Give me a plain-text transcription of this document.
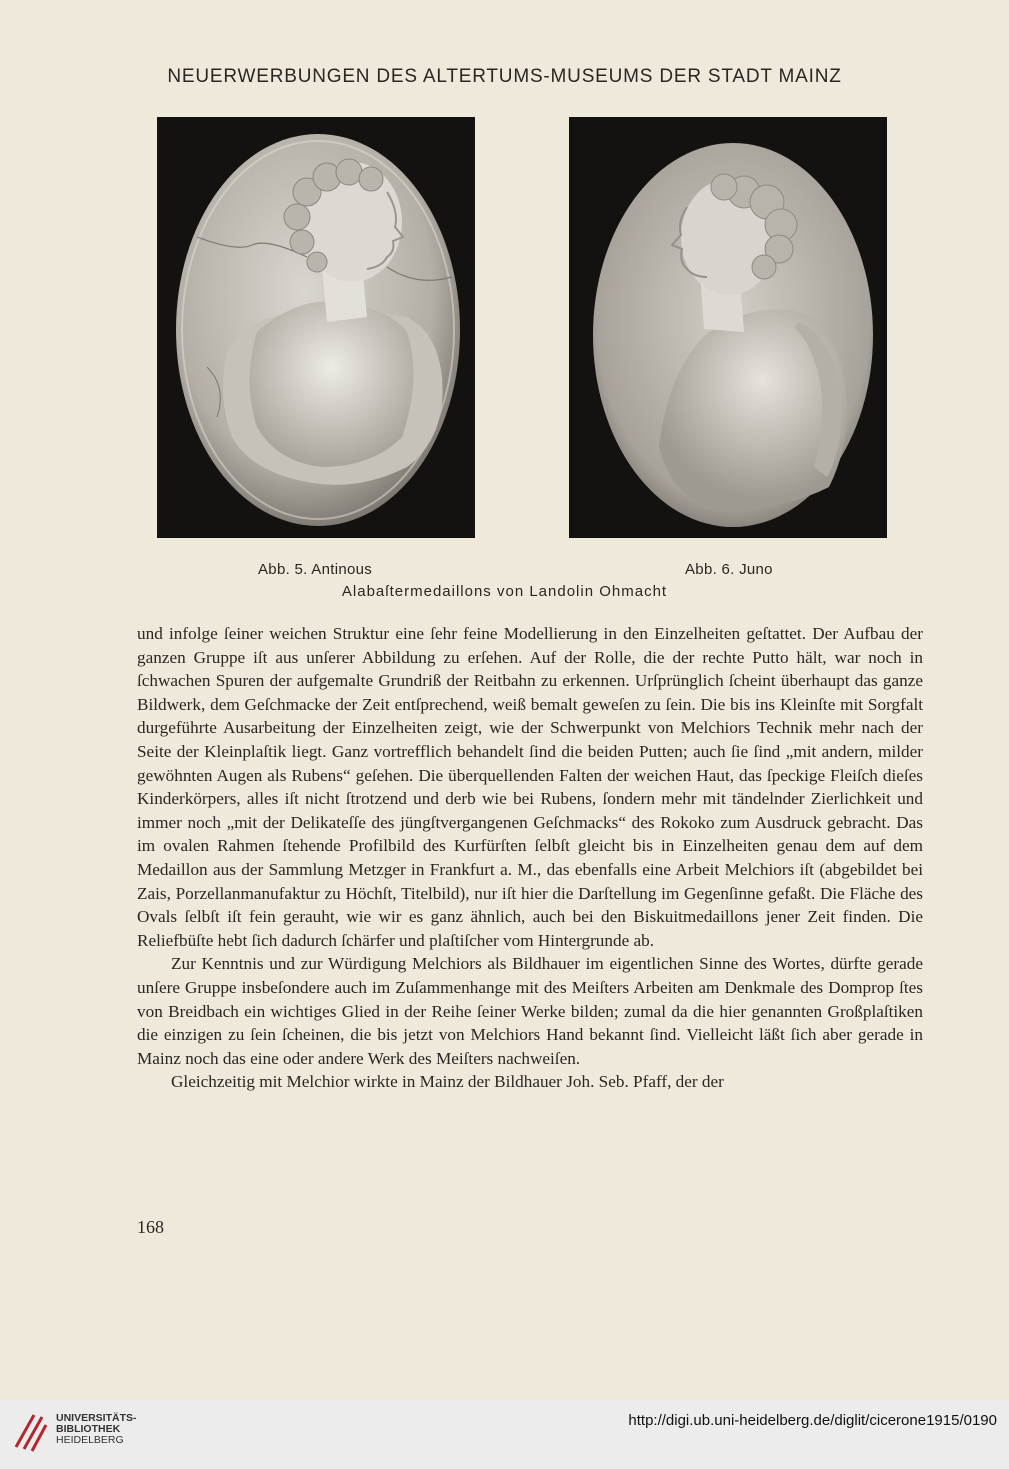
NEUERWERBUNGEN DES ALTERTUMS-MUSEUMS DER STADT MAINZ
Abb. 5. Antinous	Abb. 6. Juno
Alabaſtermedaillons von Landolin Ohmacht

und infolge ſeiner weichen Struktur eine ſehr feine Modellierung in den Einzelheiten geſtattet. Der Aufbau der ganzen Gruppe iſt aus unſerer Abbildung zu erſehen. Auf der Rolle, die der rechte Putto hält, war noch in ſchwachen Spuren der aufgemalte Grundriß der Reitbahn zu erkennen. Urſprünglich ſcheint überhaupt das ganze Bildwerk, dem Geſchmacke der Zeit entſprechend, weiß bemalt geweſen zu ſein. Die bis ins Kleinſte mit Sorgfalt durgeführte Ausarbeitung der Einzelheiten zeigt, wie der Schwerpunkt von Melchiors Technik mehr nach der Seite der Kleinplaſtik liegt. Ganz vortrefflich behandelt ſind die beiden Putten; auch ſie ſind „mit andern, milder gewöhnten Augen als Rubens“ geſehen. Die überquellenden Falten der weichen Haut, das ſpeckige Fleiſch dieſes Kinderkörpers, alles iſt nicht ſtrotzend und derb wie bei Rubens, ſondern mehr mit tändelnder Zierlichkeit und immer noch „mit der Delikateſſe des jüngſtvergangenen Geſchmacks“ des Rokoko zum Ausdruck gebracht. Das im ovalen Rahmen ſtehende Profilbild des Kurfürſten ſelbſt gleicht bis in Einzelheiten genau dem auf dem Medaillon aus der Sammlung Metzger in Frankfurt a. M., das ebenfalls eine Arbeit Melchiors iſt (abgebildet bei Zais, Porzellanmanufaktur zu Höchſt, Titelbild), nur iſt hier die Darſtellung im Gegenſinne gefaßt. Die Fläche des Ovals ſelbſt iſt fein gerauht, wie wir es ganz ähnlich, auch bei den Biskuitmedaillons jener Zeit finden. Die Reliefbüſte hebt ſich dadurch ſchärfer und plaſtiſcher vom Hintergrunde ab.

Zur Kenntnis und zur Würdigung Melchiors als Bildhauer im eigentlichen Sinne des Wortes, dürfte gerade unſere Gruppe insbeſondere auch im Zuſammenhange mit des Meiſters Arbeiten am Denkmale des Domprop ſtes von Breidbach ein wichtiges Glied in der Reihe ſeiner Werke bilden; zumal da die hier genannten Großplaſtiken die einzigen zu ſein ſcheinen, die bis jetzt von Melchiors Hand bekannt ſind. Vielleicht läßt ſich aber gerade in Mainz noch das eine oder andere Werk des Meiſters nachweiſen.

Gleichzeitig mit Melchior wirkte in Mainz der Bildhauer Joh. Seb. Pfaff, der der

168
UNIVERSITÄTS-
BIBLIOTHEK
HEIDELBERG
http://digi.ub.uni-heidelberg.de/diglit/cicerone1915/0190
